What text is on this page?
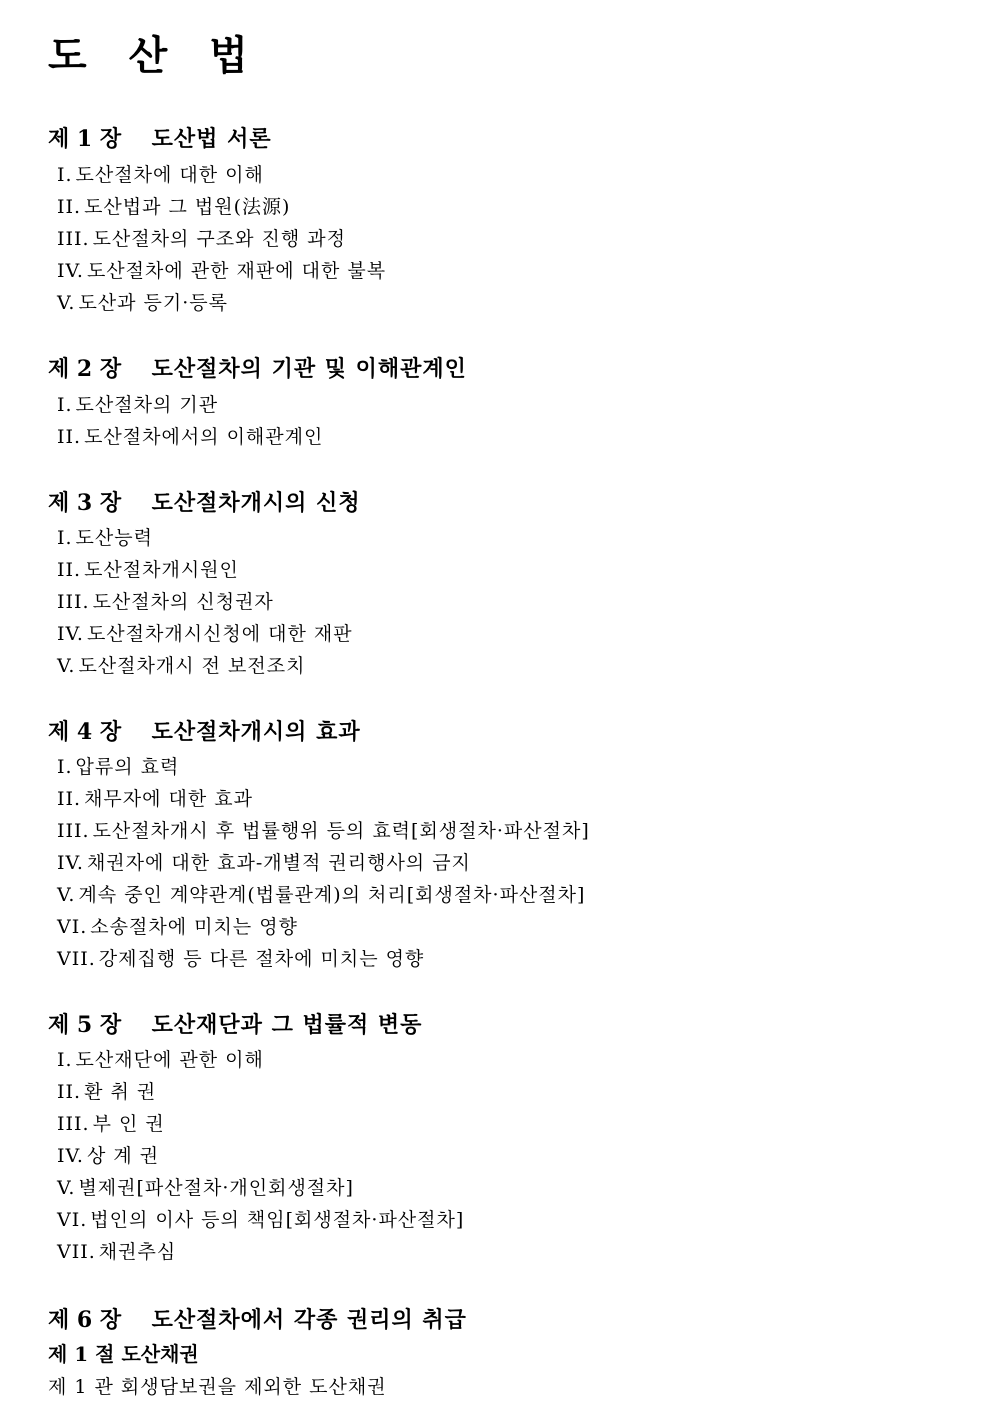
도 산 법
제 1 장 도산법 서론
I. 도산절차에 대한 이해
II. 도산법과 그 법원(法源)
III. 도산절차의 구조와 진행 과정
IV. 도산절차에 관한 재판에 대한 불복
V. 도산과 등기·등록
제 2 장 도산절차의 기관 및 이해관계인
I. 도산절차의 기관
II. 도산절차에서의 이해관계인
제 3 장 도산절차개시의 신청
I. 도산능력
II. 도산절차개시원인
III. 도산절차의 신청권자
IV. 도산절차개시신청에 대한 재판
V. 도산절차개시 전 보전조치
제 4 장 도산절차개시의 효과
I. 압류의 효력
II. 채무자에 대한 효과
III. 도산절차개시 후 법률행위 등의 효력[회생절차·파산절차]
IV. 채권자에 대한 효과-개별적 권리행사의 금지
V. 계속 중인 계약관계(법률관계)의 처리[회생절차·파산절차]
VI. 소송절차에 미치는 영향
VII. 강제집행 등 다른 절차에 미치는 영향
제 5 장 도산재단과 그 법률적 변동
I. 도산재단에 관한 이해
II. 환 취 권
III. 부 인 권
IV. 상 계 권
V. 별제권[파산절차·개인회생절차]
VI. 법인의 이사 등의 책임[회생절차·파산절차]
VII. 채권추심
제 6 장 도산절차에서 각종 권리의 취급
제 1 절 도산채권
제 1 관 회생담보권을 제외한 도산채권
